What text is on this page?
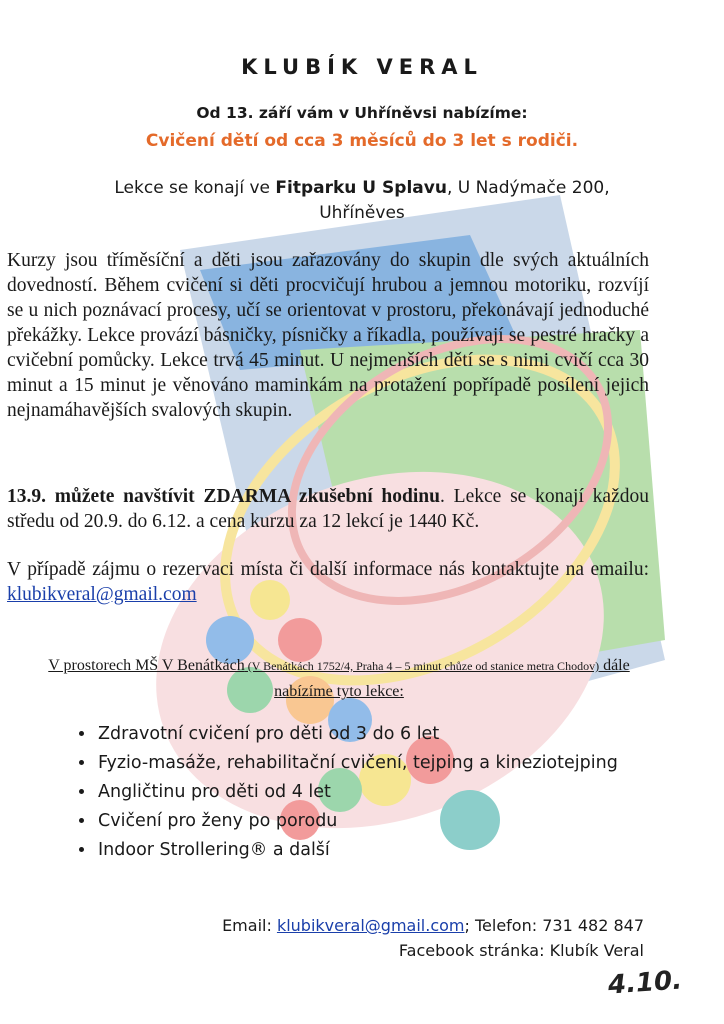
KLUBÍK VERAL
Od 13. září vám v Uhříněvsi nabízíme:
Cvičení dětí od cca 3 měsíců do 3 let s rodiči.
Lekce se konají ve Fitparku U Splavu, U Nadýmače 200,
Uhříněves
Kurzy jsou tříměsíční a děti jsou zařazovány do skupin dle svých aktuálních dovedností. Během cvičení si děti procvičují hrubou a jemnou motoriku, rozvíjí se u nich poznávací procesy, učí se orientovat v prostoru, překonávají jednoduché překážky. Lekce provází básničky, písničky a říkadla, používají se pestré hračky a cvičební pomůcky. Lekce trvá 45 minut. U nejmenších dětí se s nimi cvičí cca 30 minut a 15 minut je věnováno maminkám na protažení popřípadě posílení jejich nejnamáhavějších svalových skupin.
13.9. můžete navštívit ZDARMA zkušební hodinu. Lekce se konají každou středu od 20.9. do 6.12. a cena kurzu za 12 lekcí je 1440 Kč.
V případě zájmu o rezervaci místa či další informace nás kontaktujte na emailu: klubikveral@gmail.com
V prostorech MŠ V Benátkách (V Benátkách 1752/4, Praha 4 – 5 minut chůze od stanice metra Chodov) dále nabízíme tyto lekce:
• Zdravotní cvičení pro děti od 3 do 6 let
• Fyzio-masáže, rehabilitační cvičení, tejping a kineziotejping
• Angličtinu pro děti od 4 let
• Cvičení pro ženy po porodu
• Indoor Strollering® a další
Email: klubikveral@gmail.com; Telefon: 731 482 847
Facebook stránka: Klubík Veral
4.10.
